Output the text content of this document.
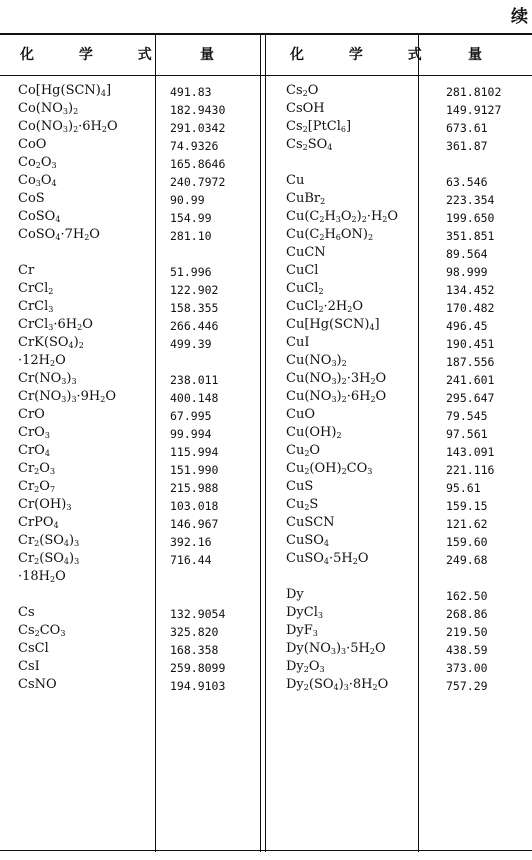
续
化 学 式 量	化 学 式 量
$Co[Hg(SCN)_4]$	491.83
$Co(NO_3)_2$	182.9430
$Co(NO_3)_2\cdot 6H_2O$	291.0342
CoO	74.9326
$Co_2O_3$	165.8646
$Co_3O_4$	240.7972
CoS	90.99
CoSO$_4$	154.99
$CoSO_4\cdot 7H_2O$	281.10
Cr	51.996
CrCl$_2$	122.902
CrCl$_3$	158.355
$CrCl_3\cdot 6H_2O$	266.446
$CrK(SO_4)_2$	499.39
$\cdot 12H_2O$
$Cr(NO_3)_3$	238.011
$Cr(NO_3)_3\cdot 9H_2O$	400.148
CrO	67.995
CrO$_3$	99.994
CrO$_4$	115.994
$Cr_2O_3$	151.990
$Cr_2O_7$	215.988
$Cr(OH)_3$	103.018
CrPO$_4$	146.967
$Cr_2(SO_4)_3$	392.16
$Cr_2(SO_4)_3$	716.44
$\cdot 18H_2O$
Cs	132.9054
$Cs_2CO_3$	325.820
CsCl	168.358
CsI	259.8099
CsNO	194.9103
$Cs_2O$	281.8102
CsOH	149.9127
$Cs_2[PtCl_6]$	673.61
$Cs_2SO_4$	361.87
Cu	63.546
CuBr$_2$	223.354
$Cu(C_2H_3O_2)_2\cdot H_2O$	199.650
$Cu(C_2H_6ON)_2$	351.851
CuCN	89.564
CuCl	98.999
CuCl$_2$	134.452
$CuCl_2\cdot 2H_2O$	170.482
$Cu[Hg(SCN)_4]$	496.45
CuI	190.451
$Cu(NO_3)_2$	187.556
$Cu(NO_3)_2\cdot 3H_2O$	241.601
$Cu(NO_3)_2\cdot 6H_2O$	295.647
CuO	79.545
$Cu(OH)_2$	97.561
$Cu_2O$	143.091
$Cu_2(OH)_2CO_3$	221.116
CuS	95.61
$Cu_2S$	159.15
CuSCN	121.62
CuSO$_4$	159.60
$CuSO_4\cdot 5H_2O$	249.68
Dy	162.50
DyCl$_3$	268.86
DyF$_3$	219.50
$Dy(NO_3)_3\cdot 5H_2O$	438.59
$Dy_2O_3$	373.00
$Dy_2(SO_4)_3\cdot 8H_2O$	757.29
